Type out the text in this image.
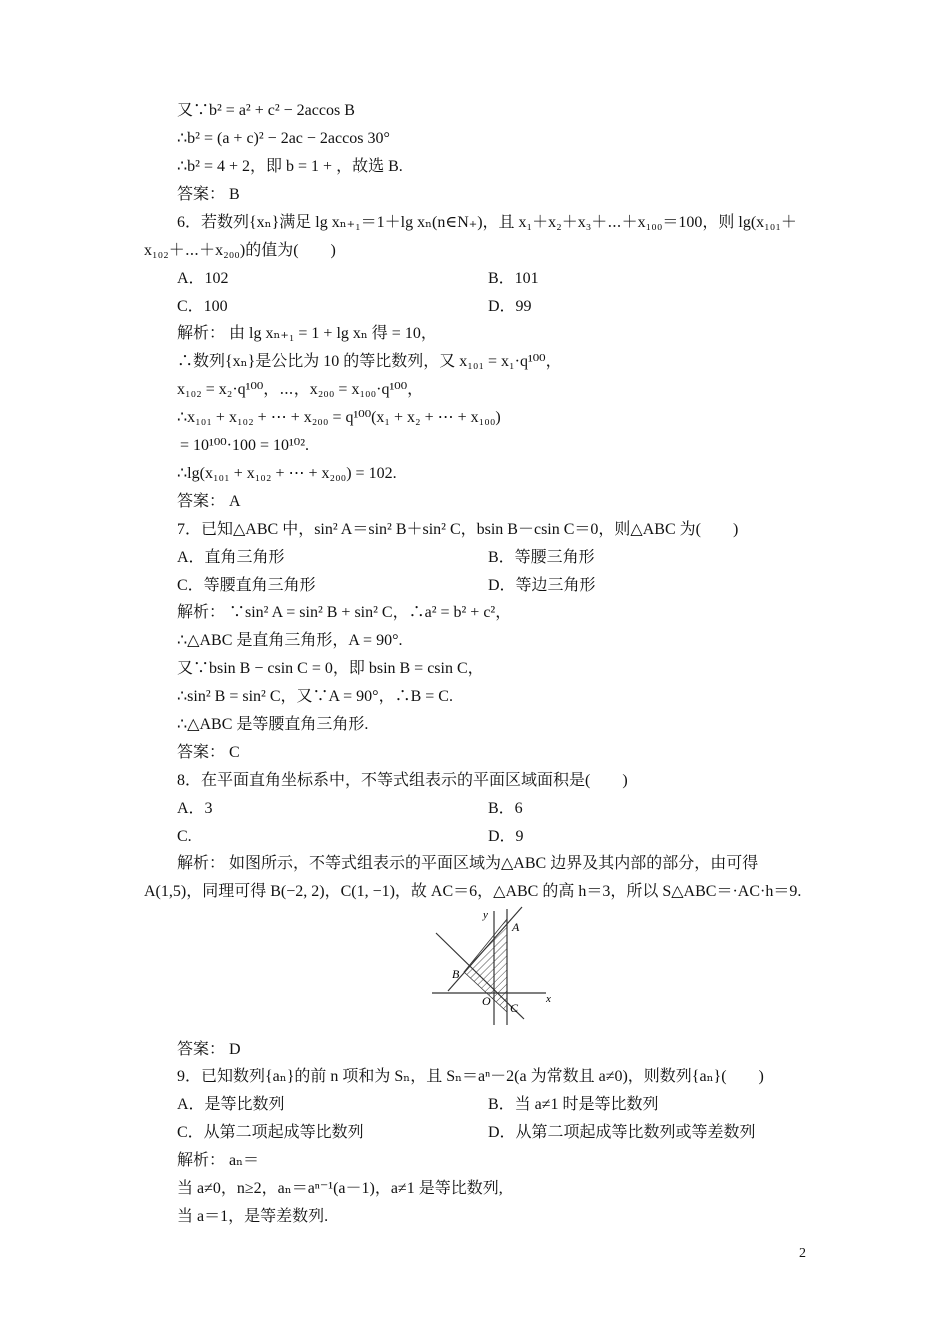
又∵b² = a² + c² − 2accos B
∴b² = (a + c)² − 2ac − 2accos 30°
∴b² = 4 + 2，即 b = 1 + ，故选 B.
答案： B
6．若数列{xₙ}满足 lg xₙ₊₁＝1＋lg xₙ(n∈N₊)，且 x₁＋x₂＋x₃＋⋯＋x₁₀₀＝100，则 lg(x₁₀₁＋
x₁₀₂＋⋯＋x₂₀₀)的值为(　　)
解析： 由 lg xₙ₊₁ = 1 + lg xₙ 得 = 10，
∴数列{xₙ}是公比为 10 的等比数列，又 x₁₀₁ = x₁·q¹⁰⁰，
x₁₀₂ = x₂·q¹⁰⁰，⋯，x₂₀₀ = x₁₀₀·q¹⁰⁰，
∴x₁₀₁ + x₁₀₂ + ⋯ + x₂₀₀ = q¹⁰⁰(x₁ + x₂ + ⋯ + x₁₀₀)
= 10¹⁰⁰·100 = 10¹⁰².
∴lg(x₁₀₁ + x₁₀₂ + ⋯ + x₂₀₀) = 102.
答案： A
7．已知△ABC 中，sin² A＝sin² B＋sin² C，bsin B－csin C＝0，则△ABC 为(　　)
解析： ∵sin² A = sin² B + sin² C，∴a² = b² + c²，
∴△ABC 是直角三角形，A = 90°.
又∵bsin B − csin C = 0，即 bsin B = csin C，
∴sin² B = sin² C，又∵A = 90°，∴B = C.
∴△ABC 是等腰直角三角形.
答案： C
8．在平面直角坐标系中，不等式组表示的平面区域面积是(　　)
解析： 如图所示，不等式组表示的平面区域为△ABC 边界及其内部的部分，由可得
A(1,5)，同理可得 B(−2, 2)，C(1, −1)，故 AC＝6，△ABC 的高 h＝3，所以 S△ABC＝·AC·h＝9.
答案： D
9．已知数列{aₙ}的前 n 项和为 Sₙ，且 Sₙ＝aⁿ－2(a 为常数且 a≠0)，则数列{aₙ}(　　)
解析： aₙ＝
当 a≠0，n≥2，aₙ＝aⁿ⁻¹(a－1)，a≠1 是等比数列,
当 a＝1，是等差数列.
A．102	B．101
C．100	D．99
A．直角三角形	B．等腰三角形
C．等腰直角三角形	D．等边三角形
A．3	B．6
C.	D．9
A．是等比数列	B．当 a≠1 时是等比数列
C．从第二项起成等比数列	D．从第二项起成等比数列或等差数列
y
x
A
B
C
O
2
